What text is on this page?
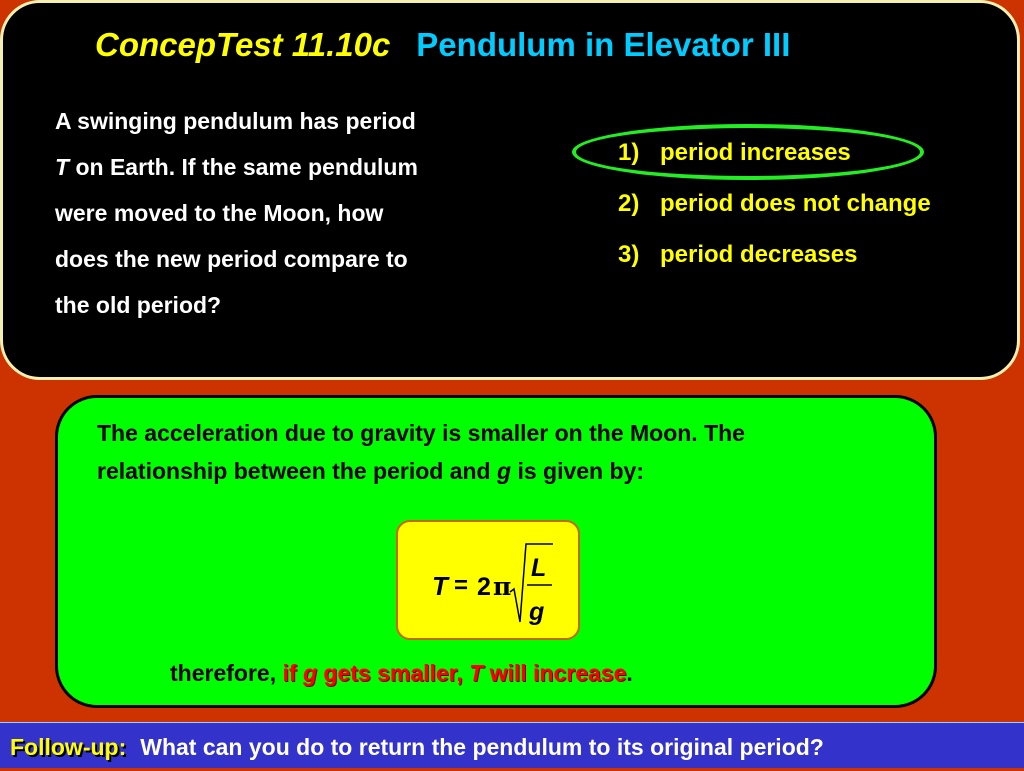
ConcepTest 11.10c Pendulum in Elevator III
A swinging pendulum has period
T on Earth. If the same pendulum
were moved to the Moon, how
does the new period compare to
the old period?
1) period increases
2) period does not change
3) period decreases
The acceleration due to gravity is smaller on the Moon. The
relationship between the period and g is given by:
T = 2 π
L
g
therefore, if g gets smaller, T will increase.
Follow-up: What can you do to return the pendulum to its original period?
